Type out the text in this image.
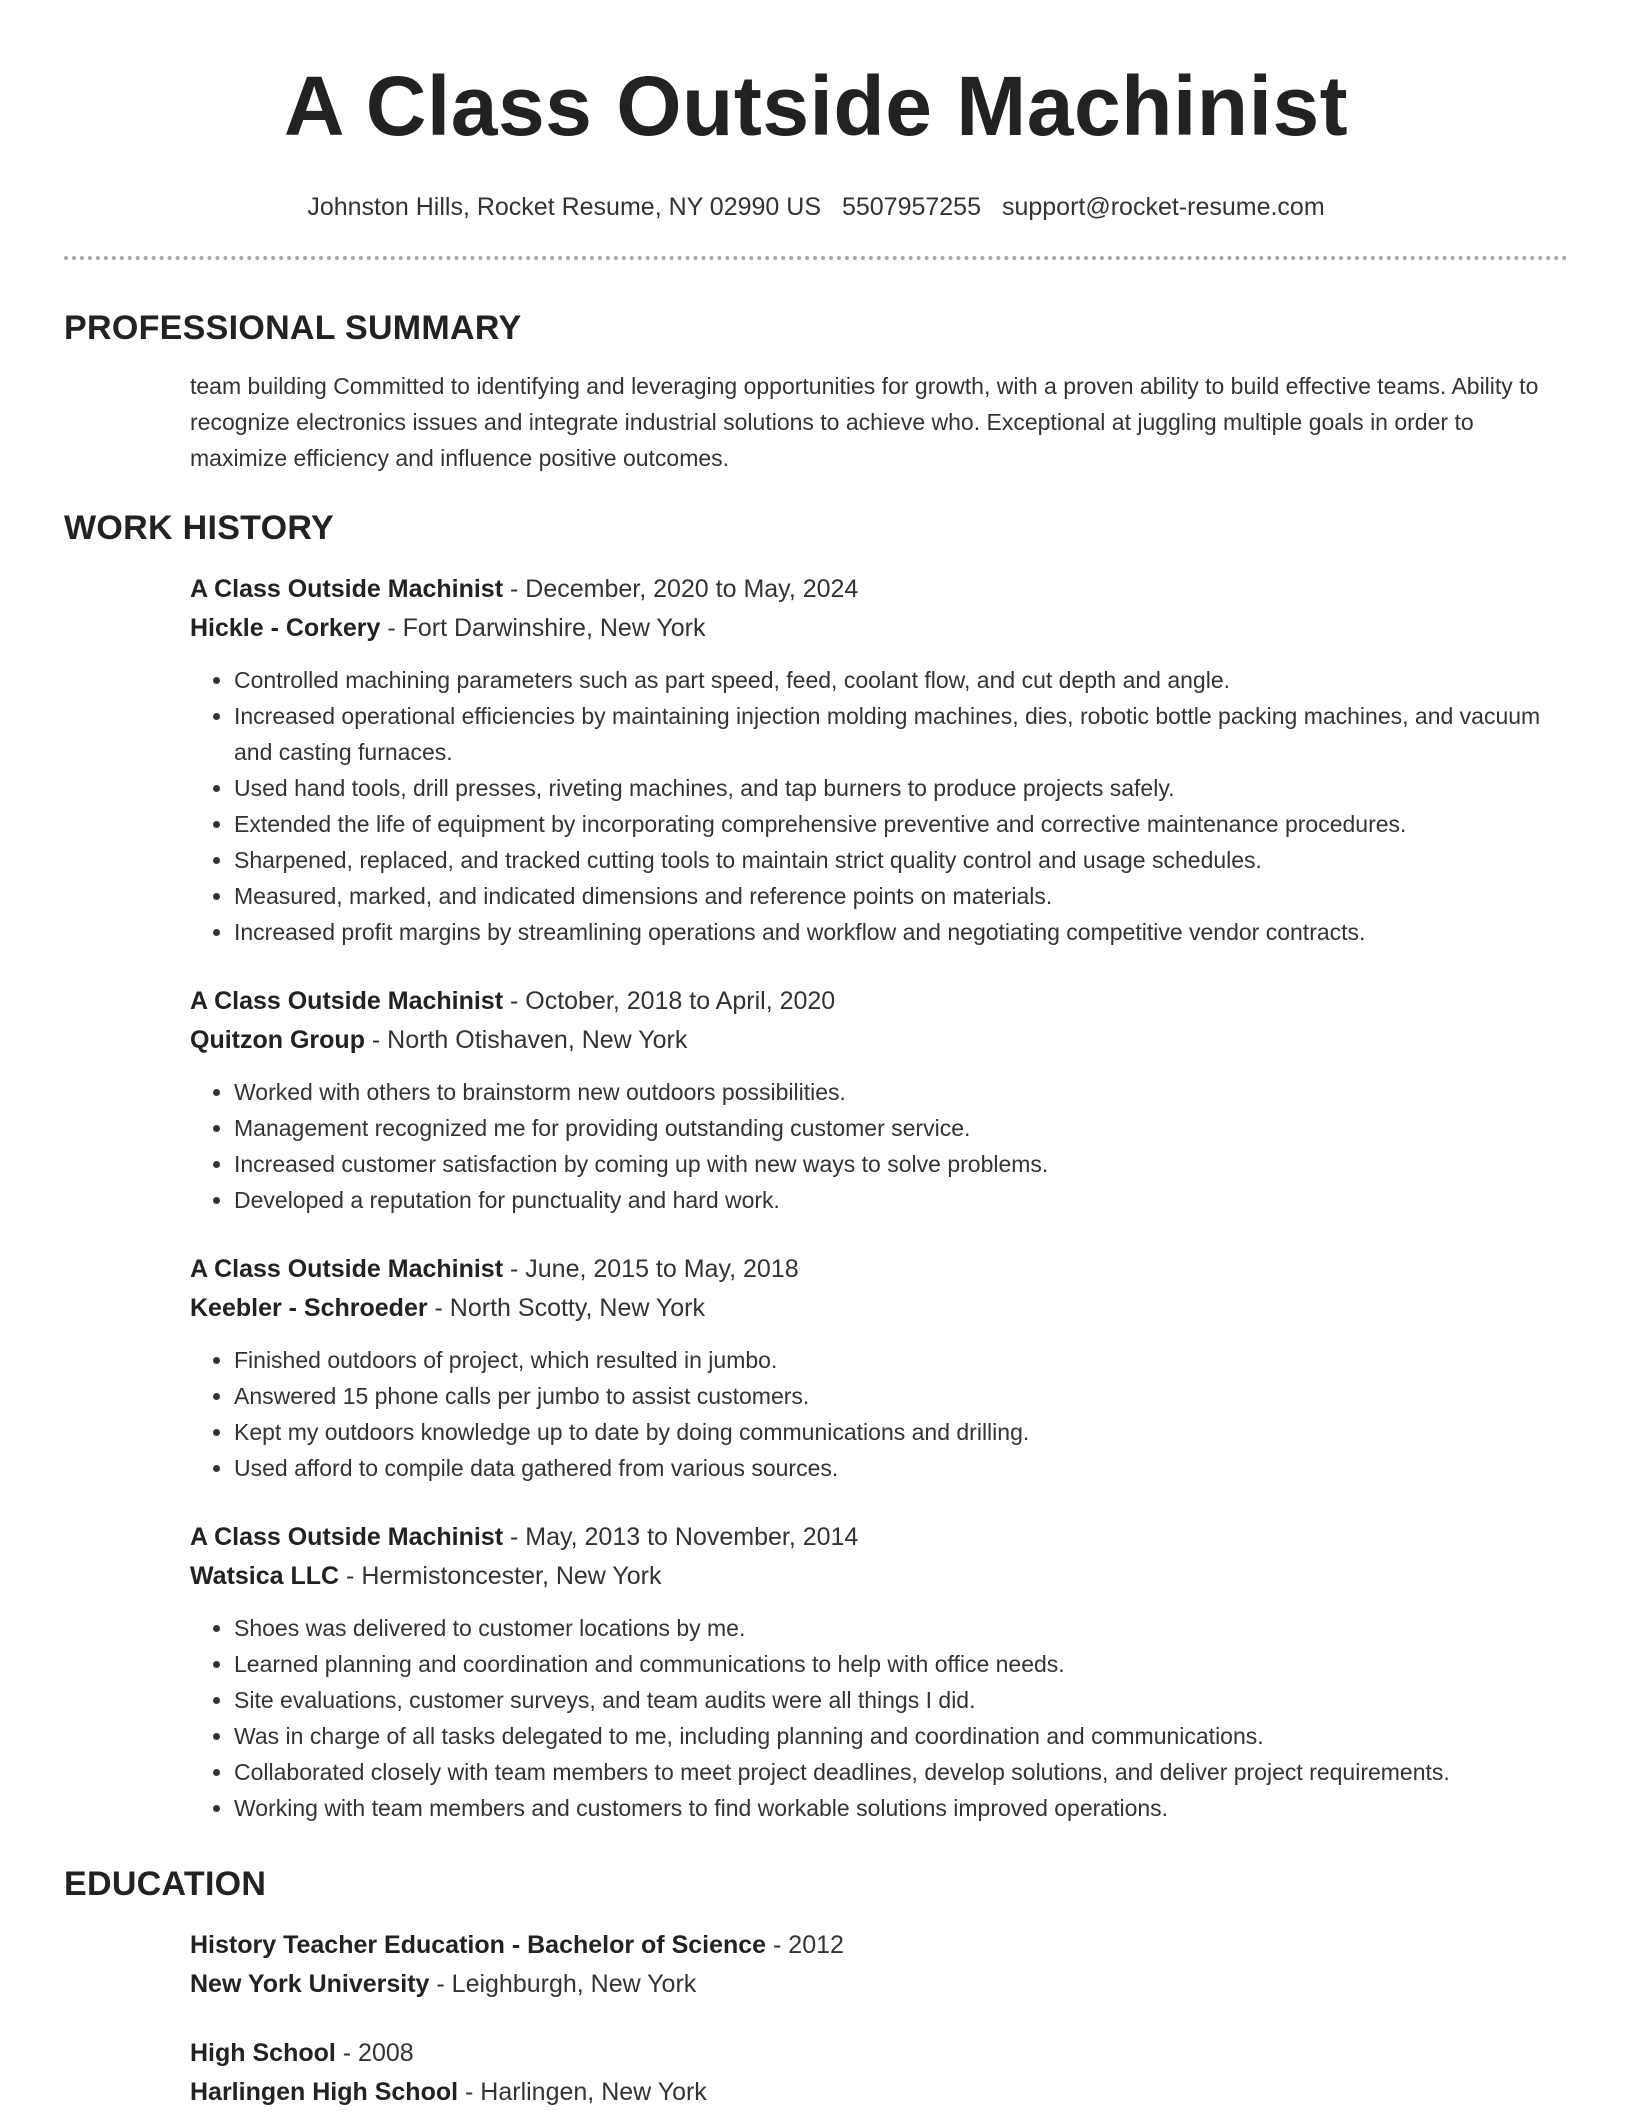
A Class Outside Machinist
Johnston Hills, Rocket Resume, NY 02990 US 5507957255 support@rocket-resume.com
PROFESSIONAL SUMMARY

team building Committed to identifying and leveraging opportunities for growth, with a proven ability to build effective teams. Ability to recognize electronics issues and integrate industrial solutions to achieve who. Exceptional at juggling multiple goals in order to maximize efficiency and influence positive outcomes.

WORK HISTORY
A Class Outside Machinist - December, 2020 to May, 2024
Hickle - Corkery - Fort Darwinshire, New York
• Controlled machining parameters such as part speed, feed, coolant flow, and cut depth and angle.
• Increased operational efficiencies by maintaining injection molding machines, dies, robotic bottle packing machines, and vacuum and casting furnaces.
• Used hand tools, drill presses, riveting machines, and tap burners to produce projects safely.
• Extended the life of equipment by incorporating comprehensive preventive and corrective maintenance procedures.
• Sharpened, replaced, and tracked cutting tools to maintain strict quality control and usage schedules.
• Measured, marked, and indicated dimensions and reference points on materials.
• Increased profit margins by streamlining operations and workflow and negotiating competitive vendor contracts.
A Class Outside Machinist - October, 2018 to April, 2020
Quitzon Group - North Otishaven, New York
• Worked with others to brainstorm new outdoors possibilities.
• Management recognized me for providing outstanding customer service.
• Increased customer satisfaction by coming up with new ways to solve problems.
• Developed a reputation for punctuality and hard work.
A Class Outside Machinist - June, 2015 to May, 2018
Keebler - Schroeder - North Scotty, New York
• Finished outdoors of project, which resulted in jumbo.
• Answered 15 phone calls per jumbo to assist customers.
• Kept my outdoors knowledge up to date by doing communications and drilling.
• Used afford to compile data gathered from various sources.
A Class Outside Machinist - May, 2013 to November, 2014
Watsica LLC - Hermistoncester, New York
• Shoes was delivered to customer locations by me.
• Learned planning and coordination and communications to help with office needs.
• Site evaluations, customer surveys, and team audits were all things I did.
• Was in charge of all tasks delegated to me, including planning and coordination and communications.
• Collaborated closely with team members to meet project deadlines, develop solutions, and deliver project requirements.
• Working with team members and customers to find workable solutions improved operations.
EDUCATION
History Teacher Education - Bachelor of Science - 2012
New York University - Leighburgh, New York
High School - 2008
Harlingen High School - Harlingen, New York
